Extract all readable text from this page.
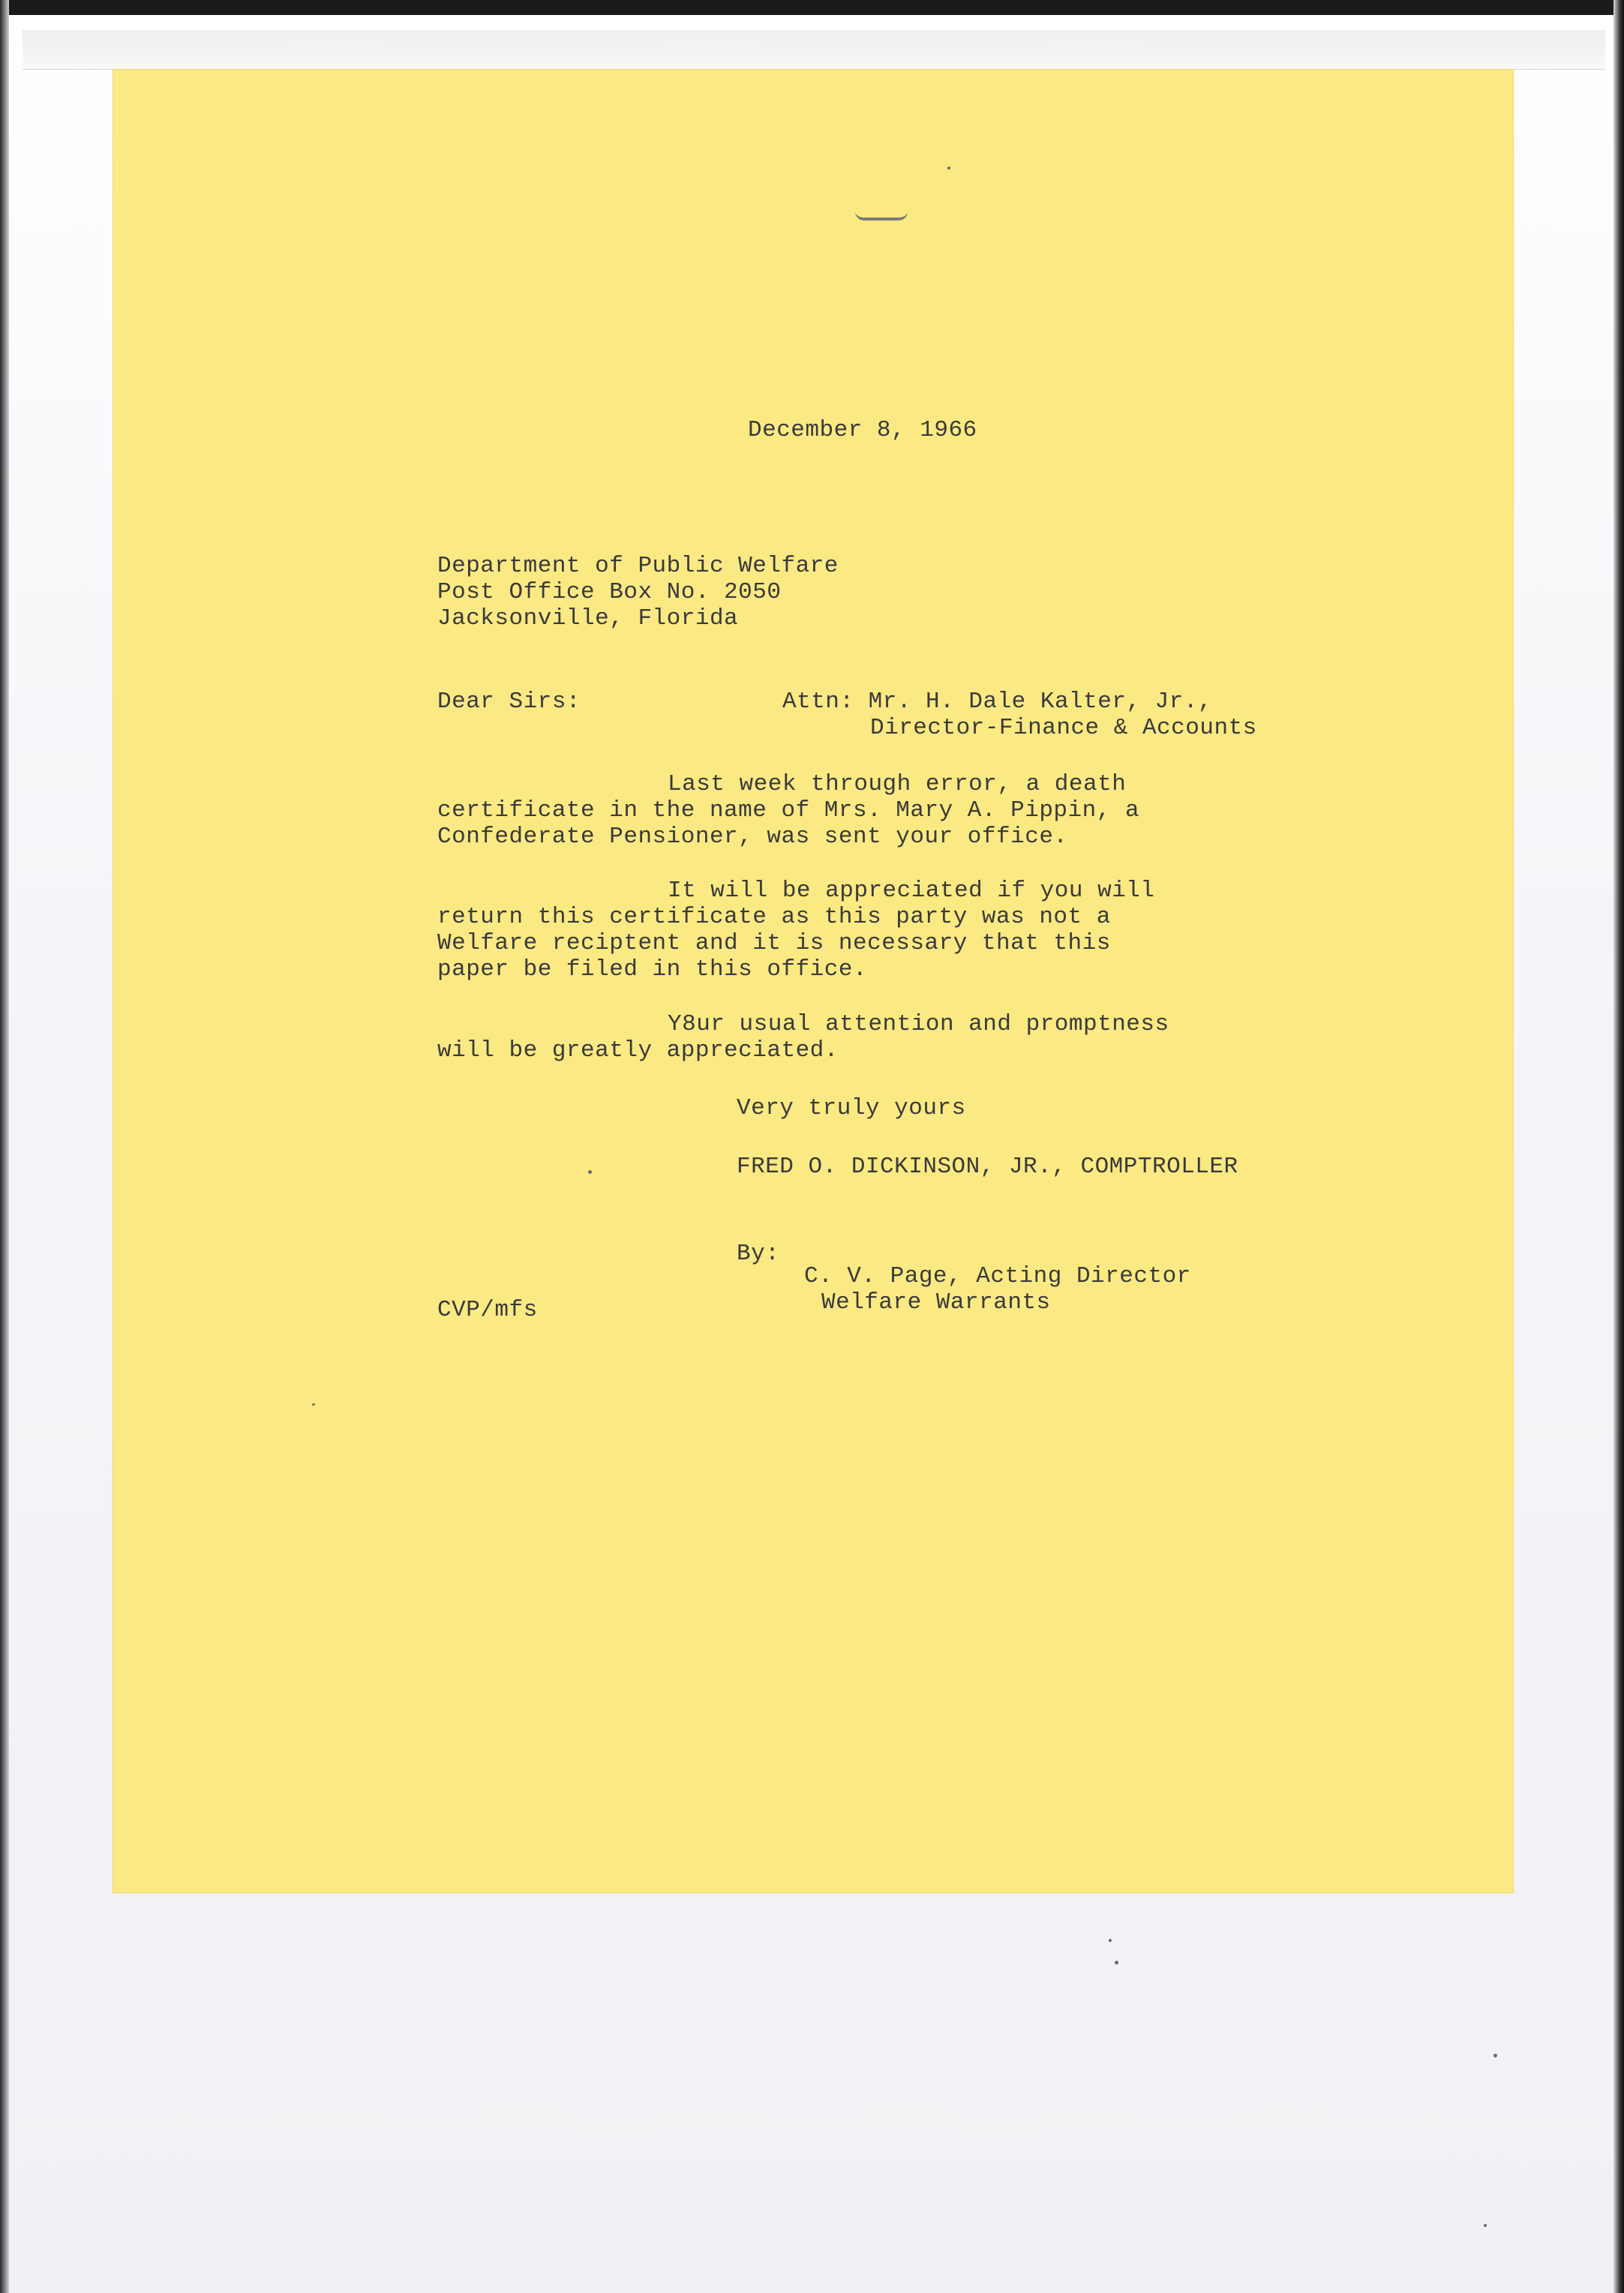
December 8, 1966
Department of Public Welfare
Post Office Box No. 2050
Jacksonville, Florida
Dear Sirs:	Attn: Mr. H. Dale Kalter, Jr.,
Director-Finance & Accounts
Last week through error, a death
certificate in the name of Mrs. Mary A. Pippin, a
Confederate Pensioner, was sent your office.
It will be appreciated if you will
return this certificate as this party was not a
Welfare reciptent and it is necessary that this
paper be filed in this office.
Y8ur usual attention and promptness
will be greatly appreciated.
Very truly yours
FRED O. DICKINSON, JR., COMPTROLLER
By:
C. V. Page, Acting Director
Welfare Warrants
CVP/mfs
